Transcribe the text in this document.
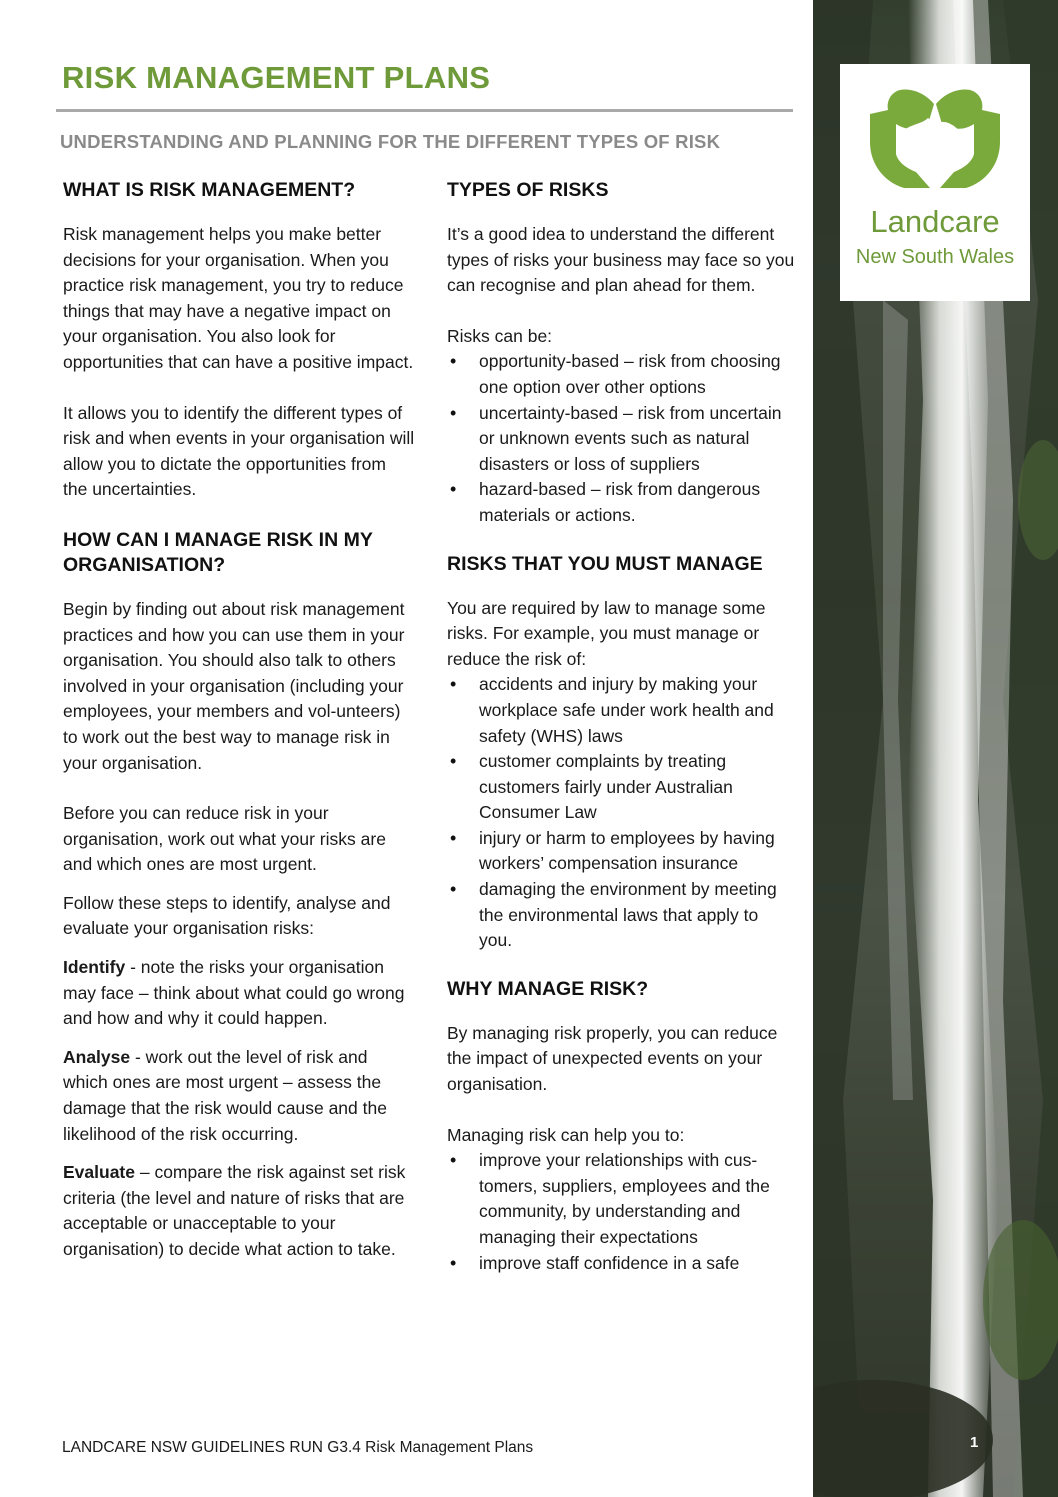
RISK MANAGEMENT PLANS
UNDERSTANDING AND PLANNING FOR THE DIFFERENT TYPES OF RISK
WHAT IS RISK MANAGEMENT?

Risk management helps you make better decisions for your organisation. When you practice risk management, you try to reduce things that may have a negative impact on your organisation. You also look for opportunities that can have a positive impact.

It allows you to identify the different types of risk and when events in your organisation will allow you to dictate the opportunities from the uncertainties.

HOW CAN I MANAGE RISK IN MY ORGANISATION?

Begin by finding out about risk management practices and how you can use them in your organisation. You should also talk to others involved in your organisation (including your employees, your members and vol-unteers) to work out the best way to manage risk in your organisation.

Before you can reduce risk in your organisation, work out what your risks are and which ones are most urgent.

Follow these steps to identify, analyse and evaluate your organisation risks:

Identify - note the risks your organisation may face – think about what could go wrong and how and why it could happen.

Analyse - work out the level of risk and which ones are most urgent – assess the damage that the risk would cause and the likelihood of the risk occurring.

Evaluate – compare the risk against set risk criteria (the level and nature of risks that are acceptable or unacceptable to your organisation) to decide what action to take.

TYPES OF RISKS

It’s a good idea to understand the different types of risks your business may face so you can recognise and plan ahead for them.

Risks can be:

• opportunity-based – risk from choosing one option over other options
• uncertainty-based – risk from uncertain or unknown events such as natural disasters or loss of suppliers
• hazard-based – risk from dangerous materials or actions.
RISKS THAT YOU MUST MANAGE

You are required by law to manage some risks. For example, you must manage or reduce the risk of:

• accidents and injury by making your workplace safe under work health and safety (WHS) laws
• customer complaints by treating customers fairly under Australian Consumer Law
• injury or harm to employees by having workers’ compensation insurance
• damaging the environment by meeting the environmental laws that apply to you.
WHY MANAGE RISK?

By managing risk properly, you can reduce the impact of unexpected events on your organisation.

Managing risk can help you to:

• improve your relationships with cus-tomers, suppliers, employees and the community, by understanding and managing their expectations
• improve staff confidence in a safe
LANDCARE NSW GUIDELINES RUN G3.4 Risk Management Plans	1
Landcare
New South Wales
